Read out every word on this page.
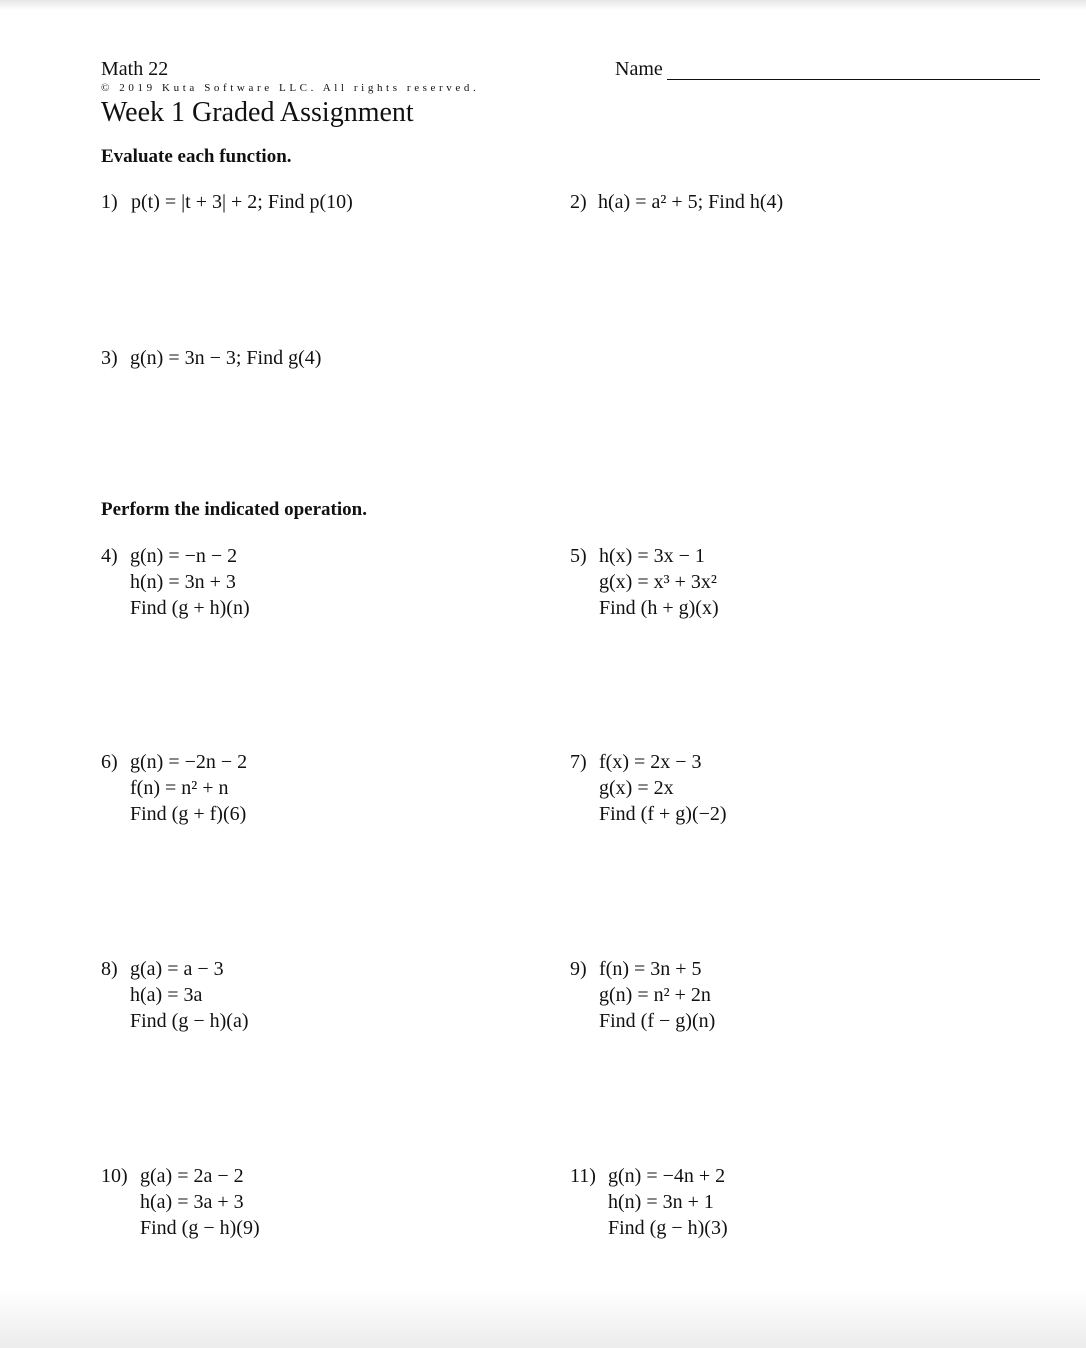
Math 22	Name
© 2019 Kuta Software LLC. All rights reserved.
Week 1 Graded Assignment
Evaluate each function.
1) p(t) = |t + 3| + 2; Find p(10)	2) h(a) = a² + 5; Find h(4)
3) g(n) = 3n − 3; Find g(4)
Perform the indicated operation.
4) g(n) = −n − 2
h(n) = 3n + 3
Find (g + h)(n)
5) h(x) = 3x − 1
g(x) = x³ + 3x²
Find (h + g)(x)
6) g(n) = −2n − 2
f(n) = n² + n
Find (g + f)(6)
7) f(x) = 2x − 3
g(x) = 2x
Find (f + g)(−2)
8) g(a) = a − 3
h(a) = 3a
Find (g − h)(a)
9) f(n) = 3n + 5
g(n) = n² + 2n
Find (f − g)(n)
10) g(a) = 2a − 2
h(a) = 3a + 3
Find (g − h)(9)
11) g(n) = −4n + 2
h(n) = 3n + 1
Find (g − h)(3)
